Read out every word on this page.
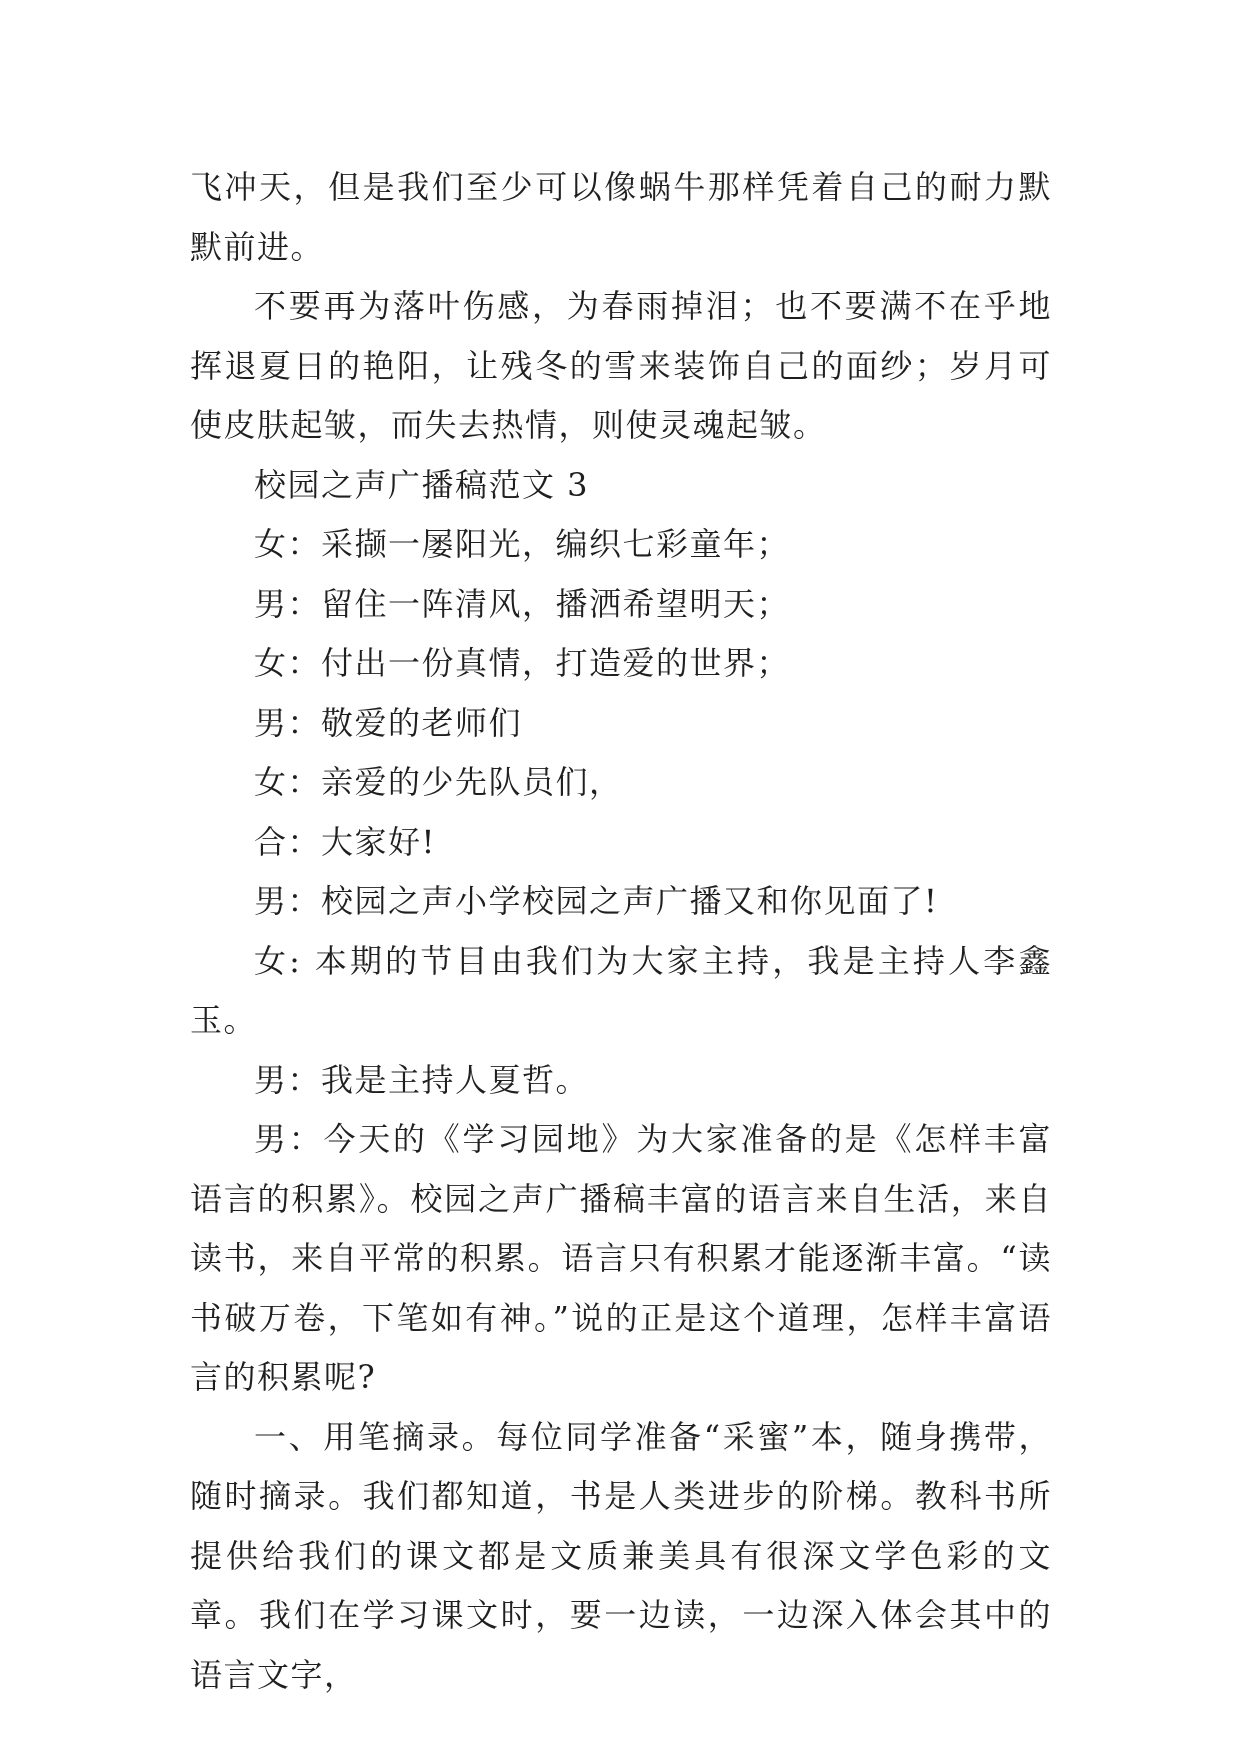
飞冲天，但是我们至少可以像蜗牛那样凭着自己的耐力默默前进。

不要再为落叶伤感，为春雨掉泪；也不要满不在乎地挥退夏日的艳阳，让残冬的雪来装饰自己的面纱；岁月可使皮肤起皱，而失去热情，则使灵魂起皱。

校园之声广播稿范文 3

女：采撷一屡阳光，编织七彩童年；

男：留住一阵清风，播洒希望明天；

女：付出一份真情，打造爱的世界；

男：敬爱的老师们

女：亲爱的少先队员们，

合：大家好!

男：校园之声小学校园之声广播又和你见面了!

女: 本期的节目由我们为大家主持，我是主持人李鑫玉。

男：我是主持人夏哲。

男：今天的《学习园地》为大家准备的是《怎样丰富语言的积累》。校园之声广播稿丰富的语言来自生活，来自读书，来自平常的积累。语言只有积累才能逐渐丰富。“读书破万卷，下笔如有神。”说的正是这个道理，怎样丰富语言的积累呢?

一、用笔摘录。每位同学准备“采蜜”本，随身携带，随时摘录。我们都知道，书是人类进步的阶梯。教科书所提供给我们的课文都是文质兼美具有很深文学色彩的文章。我们在学习课文时，要一边读，一边深入体会其中的语言文字，
